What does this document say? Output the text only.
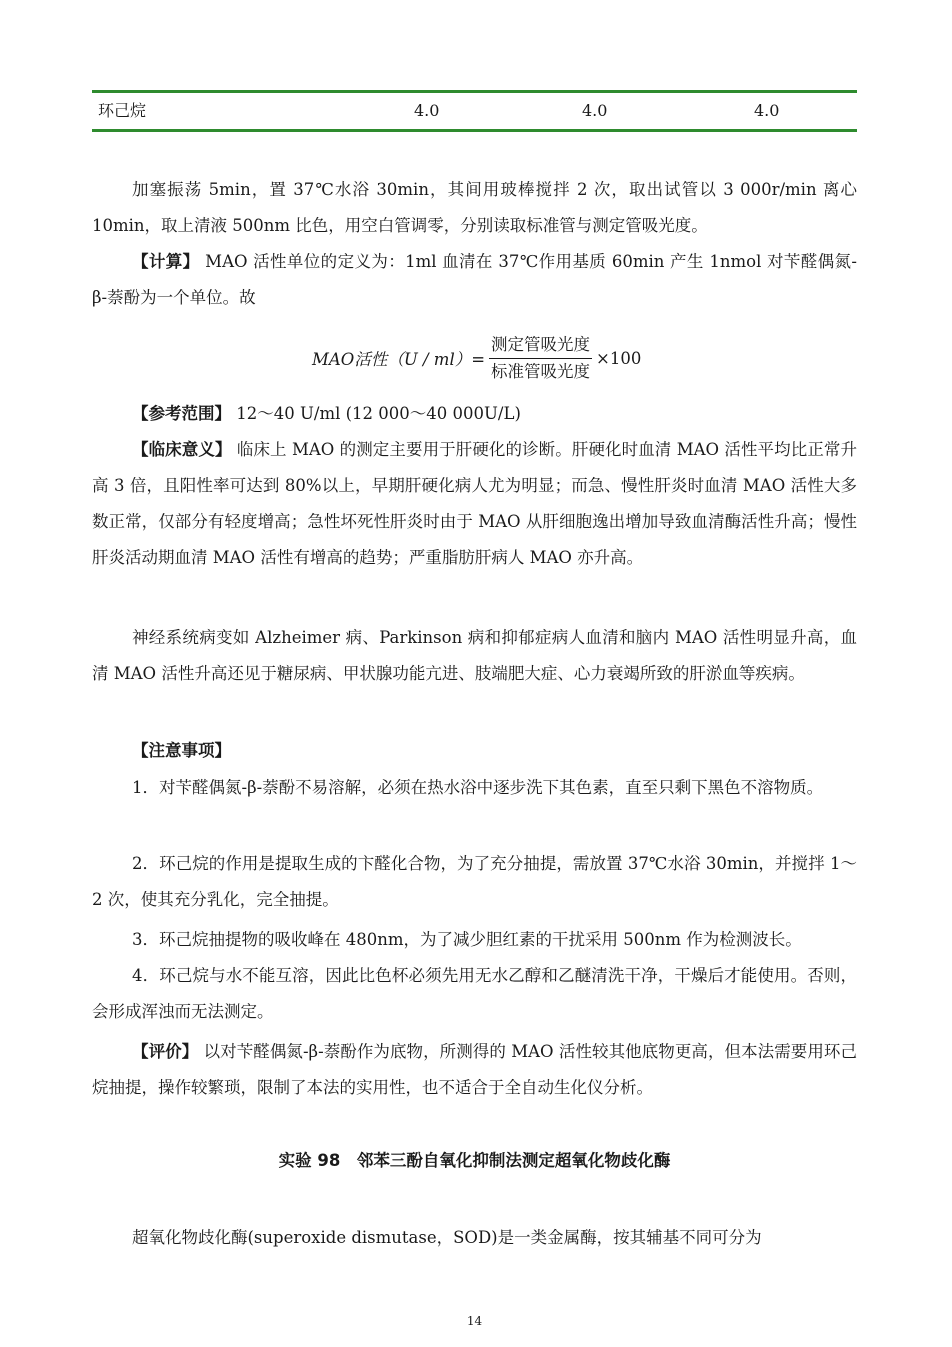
环己烷	4.0	4.0	4.0

加塞振荡 5min，置 37℃水浴 30min，其间用玻棒搅拌 2 次，取出试管以 3 000r/min 离心 10min，取上清液 500nm 比色，用空白管调零，分别读取标准管与测定管吸光度。

【计算】 MAO 活性单位的定义为：1ml 血清在 37℃作用基质 60min 产生 1nmol 对苄醛偶氮-β-萘酚为一个单位。故

MAO活性$(U / ml)= \frac{\text{测定管吸光度}}{\text{标准管吸光度}} \times 100$

【参考范围】 12～40 U/ml (12 000～40 000U/L)

【临床意义】 临床上 MAO 的测定主要用于肝硬化的诊断。肝硬化时血清 MAO 活性平均比正常升高 3 倍，且阳性率可达到 80%以上，早期肝硬化病人尤为明显；而急、慢性肝炎时血清 MAO 活性大多数正常，仅部分有轻度增高；急性坏死性肝炎时由于 MAO 从肝细胞逸出增加导致血清酶活性升高；慢性肝炎活动期血清 MAO 活性有增高的趋势；严重脂肪肝病人 MAO 亦升高。

神经系统病变如 Alzheimer 病、Parkinson 病和抑郁症病人血清和脑内 MAO 活性明显升高，血清 MAO 活性升高还见于糖尿病、甲状腺功能亢进、肢端肥大症、心力衰竭所致的肝淤血等疾病。

【注意事项】

1．对苄醛偶氮-β-萘酚不易溶解，必须在热水浴中逐步洗下其色素，直至只剩下黑色不溶物质。

2．环己烷的作用是提取生成的卞醛化合物，为了充分抽提，需放置 37℃水浴 30min，并搅拌 1～2 次，使其充分乳化，完全抽提。

3．环己烷抽提物的吸收峰在 480nm，为了减少胆红素的干扰采用 500nm 作为检测波长。

4．环己烷与水不能互溶，因此比色杯必须先用无水乙醇和乙醚清洗干净，干燥后才能使用。否则，会形成浑浊而无法测定。

【评价】 以对苄醛偶氮-β-萘酚作为底物，所测得的 MAO 活性较其他底物更高，但本法需要用环己烷抽提，操作较繁琐，限制了本法的实用性，也不适合于全自动生化仪分析。

实验 98　邻苯三酚自氧化抑制法测定超氧化物歧化酶

超氧化物歧化酶(superoxide dismutase，SOD)是一类金属酶，按其辅基不同可分为

14
